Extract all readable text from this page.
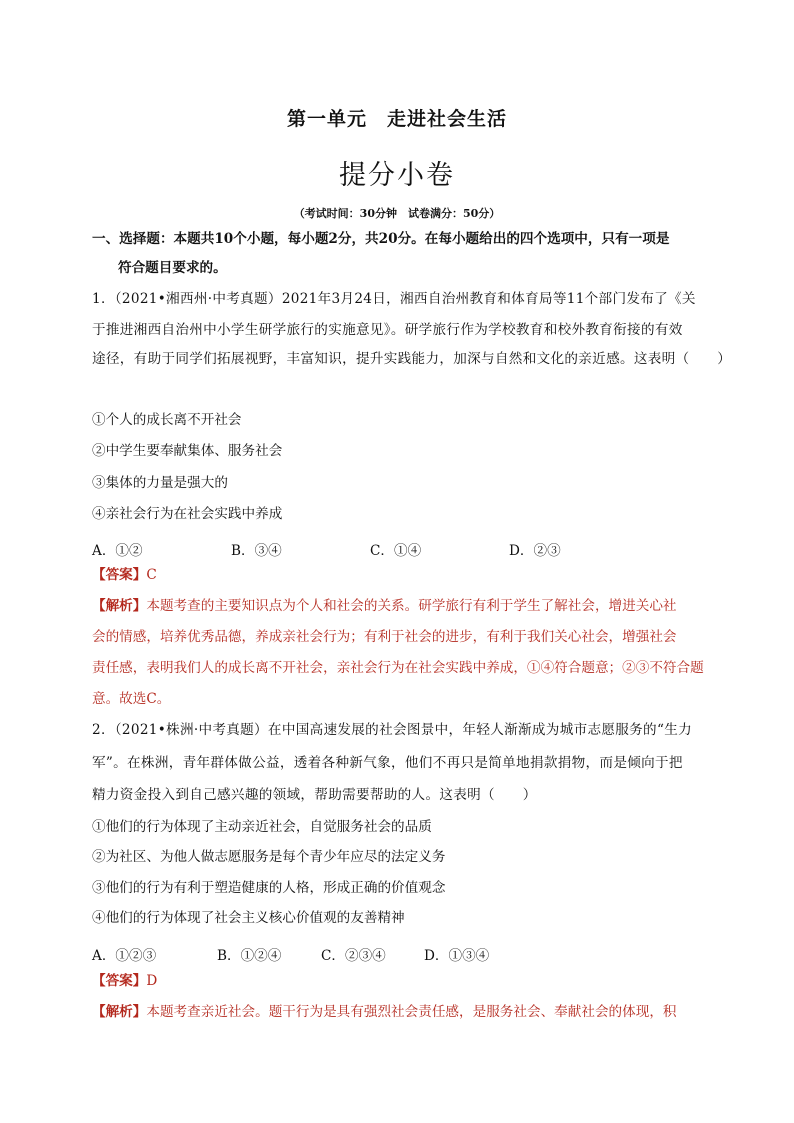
第一单元　走进社会生活
提分小卷
（考试时间：30分钟　试卷满分：50分）
一、选择题：本题共10个小题，每小题2分，共20分。在每小题给出的四个选项中，只有一项是
符合题目要求的。
1．（2021•湘西州·中考真题）2021年3月24日，湘西自治州教育和体育局等11个部门发布了《关
于推进湘西自治州中小学生研学旅行的实施意见》。研学旅行作为学校教育和校外教育衔接的有效
途径，有助于同学们拓展视野，丰富知识，提升实践能力，加深与自然和文化的亲近感。这表明（　　）
①个人的成长离不开社会
②中学生要奉献集体、服务社会
③集体的力量是强大的
④亲社会行为在社会实践中养成
A．①②	B．③④	C．①④	D．②③
【答案】C
【解析】本题考查的主要知识点为个人和社会的关系。研学旅行有利于学生了解社会，增进关心社
会的情感，培养优秀品德，养成亲社会行为；有利于社会的进步，有利于我们关心社会，增强社会
责任感，表明我们人的成长离不开社会，亲社会行为在社会实践中养成，①④符合题意；②③不符合题
意。故选C。
2．（2021•株洲·中考真题）在中国高速发展的社会图景中，年轻人渐渐成为城市志愿服务的“生力
军”。在株洲，青年群体做公益，透着各种新气象，他们不再只是简单地捐款捐物，而是倾向于把
精力资金投入到自己感兴趣的领域，帮助需要帮助的人。这表明（　　）
①他们的行为体现了主动亲近社会，自觉服务社会的品质
②为社区、为他人做志愿服务是每个青少年应尽的法定义务
③他们的行为有利于塑造健康的人格，形成正确的价值观念
④他们的行为体现了社会主义核心价值观的友善精神
A．①②③	B．①②④	C．②③④	D．①③④
【答案】D
【解析】本题考查亲近社会。题干行为是具有强烈社会责任感，是服务社会、奉献社会的体现，积
